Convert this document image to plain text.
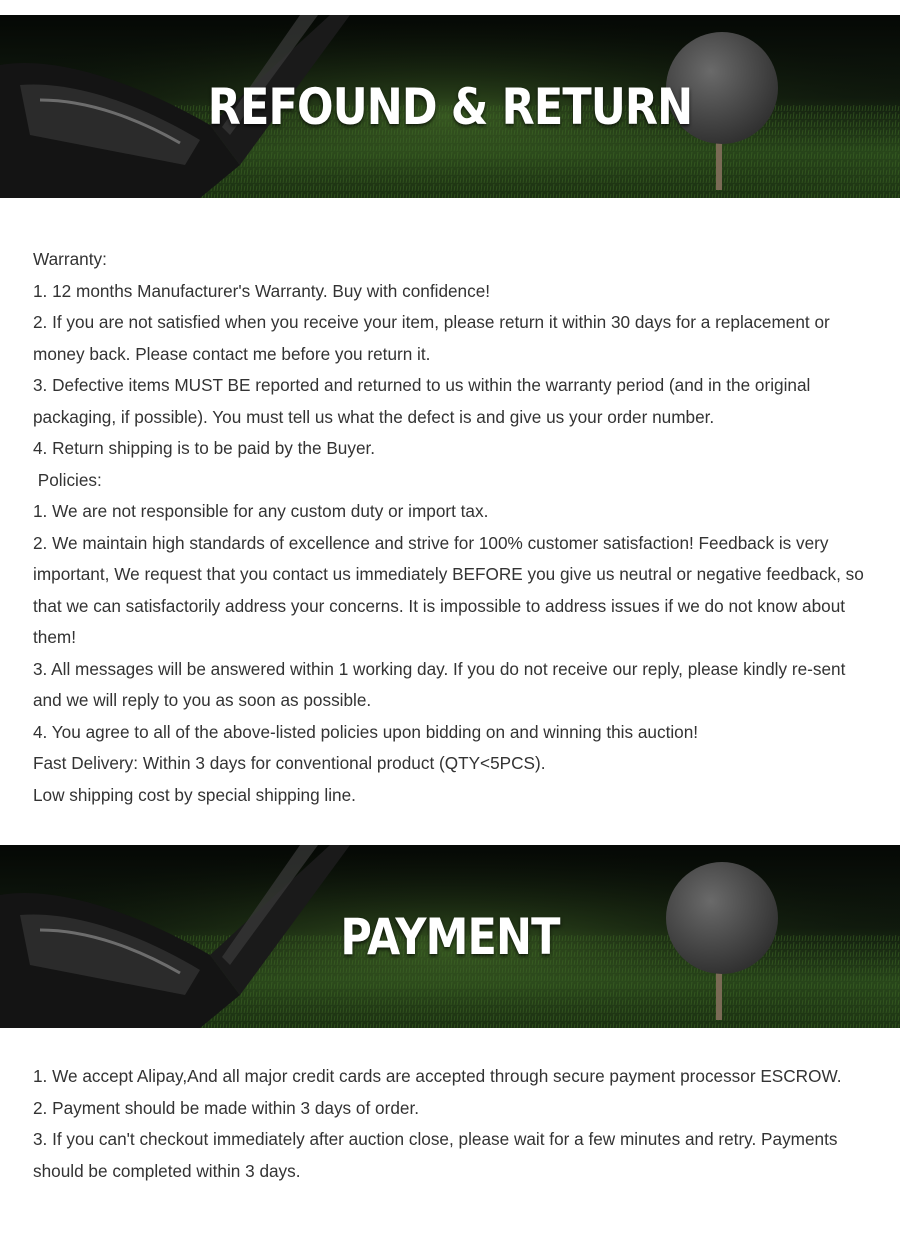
REFOUND & RETURN

Warranty:

1. 12 months Manufacturer's Warranty. Buy with confidence!

2. If you are not satisfied when you receive your item, please return it within 30 days for a replacement or money back. Please contact me before you return it.

3. Defective items MUST BE reported and returned to us within the warranty period (and in the original packaging, if possible). You must tell us what the defect is and give us your order number.

4. Return shipping is to be paid by the Buyer.

Policies:

1. We are not responsible for any custom duty or import tax.

2. We maintain high standards of excellence and strive for 100% customer satisfaction! Feedback is very important, We request that you contact us immediately BEFORE you give us neutral or negative feedback, so that we can satisfactorily address your concerns. It is impossible to address issues if we do not know about them!

3. All messages will be answered within 1 working day. If you do not receive our reply, please kindly re-sent and we will reply to you as soon as possible.

4. You agree to all of the above-listed policies upon bidding on and winning this auction!

Fast Delivery: Within 3 days for conventional product (QTY<5PCS).

Low shipping cost by special shipping line.

PAYMENT

1. We accept Alipay,And all major credit cards are accepted through secure payment processor ESCROW.

2. Payment should be made within 3 days of order.

3. If you can't checkout immediately after auction close, please wait for a few minutes and retry. Payments should be completed within 3 days.
